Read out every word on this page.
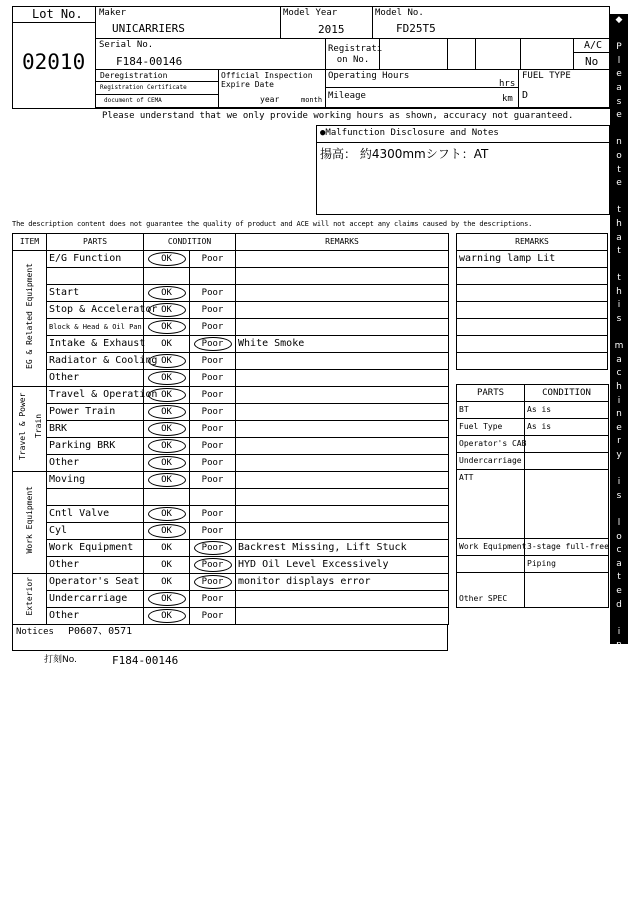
Lot No.
02010
Maker
UNICARRIERS
Model Year
2015
Model No.
FD25T5
Serial No.
F184-00146
Registrati on No.
A/C
No
Deregistration
Registration Certificate
document of CEMA
Official Inspection Expire Date
year	month
Operating Hours
hrs
Mileage	km
FUEL TYPE
D
Please understand that we only provide working hours as shown, accuracy not guaranteed.
●Malfunction Disclosure and Notes
揚高： 約4300mmシフト：AT
The description content does not guarantee the quality of product and ACE will not accept any claims caused by the descriptions.
ITEM	PARTS	CONDITION		REMARKS
EG & Related Equipment	E/G Function	OK	Poor	

	Start	OK	Poor	
	Stop & Accelerator	OK	Poor	
	Block & Head & Oil Pan	OK	Poor	
	Intake & Exhaust	OK	Poor	White Smoke
	Radiator & Cooling	OK	Poor	
	Other	OK	Poor	
Travel & Power Train	Travel & Operation	OK	Poor	
	Power Train	OK	Poor	
	BRK	OK	Poor	
	Parking BRK	OK	Poor	
	Other	OK	Poor	
Work Equipment	Moving	OK	Poor	

	Cntl Valve	OK	Poor	
	Cyl	OK	Poor	
	Work Equipment	OK	Poor	Backrest Missing, Lift Stuck
	Other	OK	Poor	HYD Oil Level Excessively
Exterior	Operator's Seat	OK	Poor	monitor displays error
	Undercarriage	OK	Poor	
	Other	OK	Poor	
Notices P0607、0571
打刻No.	F184-00146
REMARKS
warning lamp Lit

PARTS	CONDITION
BT	As is
Fuel Type	As is
Operator's CAB	
Undercarriage	
ATT	
Work Equipment	3-stage full-free
	Piping
Other SPEC	
◆

P
l
e
a
s
e

n
o
t
e

t
h
a
t

t
h
i
s

m
a
c
h
i
n
e
r
y

i
s

l
o
c
a
t
e
d

i
n

F
o
r
k
l
i
f
t

P
a
r
k
i
n
g

◆
